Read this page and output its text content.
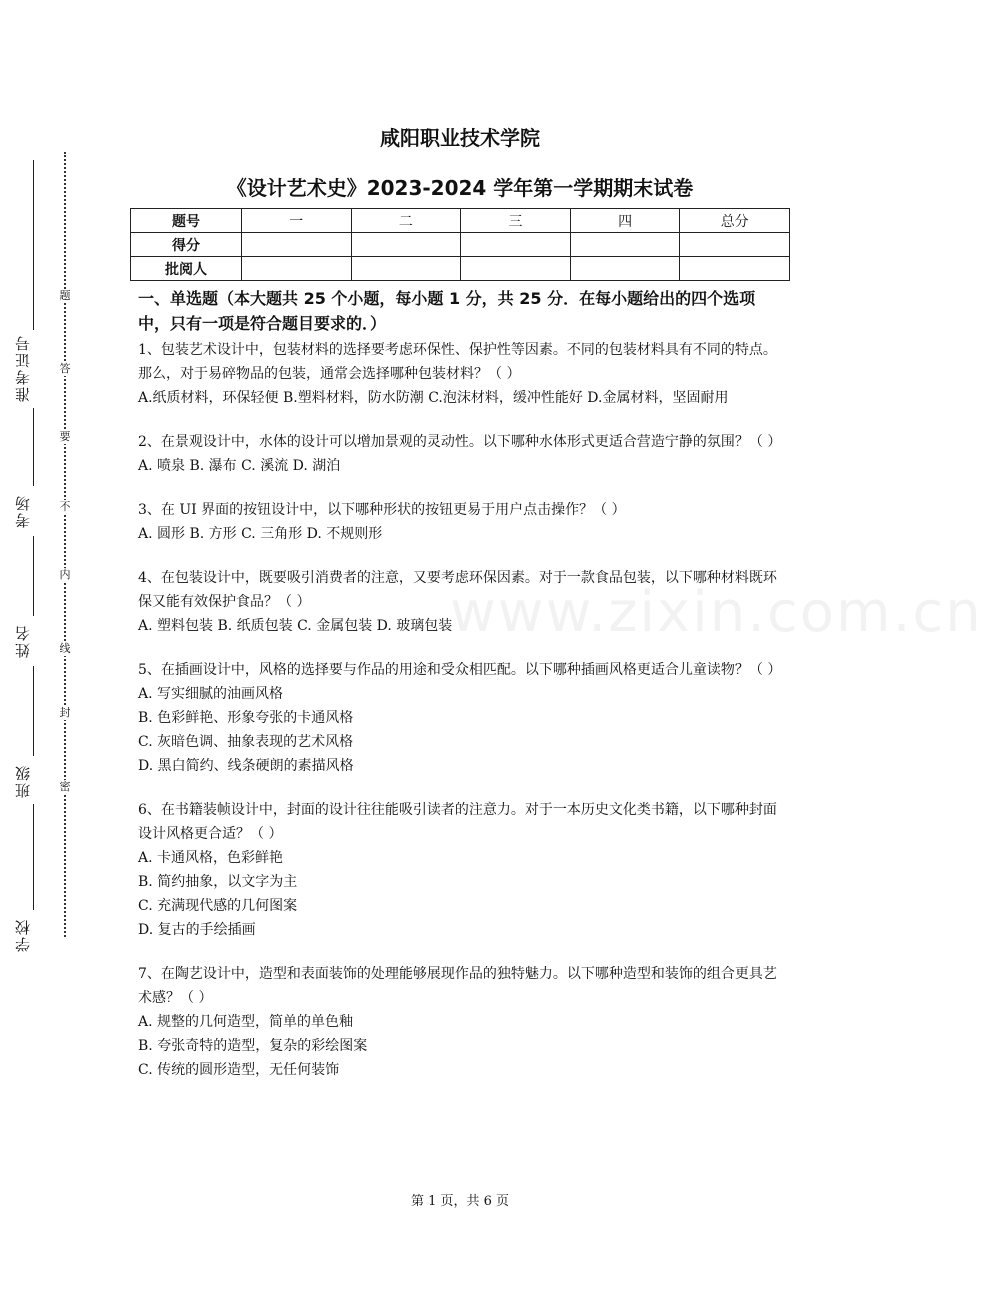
准考证号
考场
姓名
班级
学校
题
答
要
不
内
线
封
密
www.zixin.com.cn
咸阳职业技术学院
《设计艺术史》2023-2024 学年第一学期期末试卷
题号	一	二	三	四	总分
得分					
批阅人					
一、单选题（本大题共 25 个小题，每小题 1 分，共 25 分．在每小题给出的四个选项中，只有一项是符合题目要求的．）

1、包装艺术设计中，包装材料的选择要考虑环保性、保护性等因素。不同的包装材料具有不同的特点。那么，对于易碎物品的包装，通常会选择哪种包装材料？（ ）

A.纸质材料，环保轻便 B.塑料材料，防水防潮 C.泡沫材料，缓冲性能好 D.金属材料，坚固耐用

2、在景观设计中，水体的设计可以增加景观的灵动性。以下哪种水体形式更适合营造宁静的氛围？（ ）

A. 喷泉 B. 瀑布 C. 溪流 D. 湖泊

3、在 UI 界面的按钮设计中，以下哪种形状的按钮更易于用户点击操作？（ ）

A. 圆形 B. 方形 C. 三角形 D. 不规则形

4、在包装设计中，既要吸引消费者的注意，又要考虑环保因素。对于一款食品包装，以下哪种材料既环保又能有效保护食品？（ ）

A. 塑料包装 B. 纸质包装 C. 金属包装 D. 玻璃包装

5、在插画设计中，风格的选择要与作品的用途和受众相匹配。以下哪种插画风格更适合儿童读物？（ ）

A. 写实细腻的油画风格

B. 色彩鲜艳、形象夸张的卡通风格

C. 灰暗色调、抽象表现的艺术风格

D. 黑白简约、线条硬朗的素描风格

6、在书籍装帧设计中，封面的设计往往能吸引读者的注意力。对于一本历史文化类书籍，以下哪种封面设计风格更合适？（ ）

A. 卡通风格，色彩鲜艳

B. 简约抽象，以文字为主

C. 充满现代感的几何图案

D. 复古的手绘插画

7、在陶艺设计中，造型和表面装饰的处理能够展现作品的独特魅力。以下哪种造型和装饰的组合更具艺术感？（ ）

A. 规整的几何造型，简单的单色釉

B. 夸张奇特的造型，复杂的彩绘图案

C. 传统的圆形造型，无任何装饰

第 1 页，共 6 页
